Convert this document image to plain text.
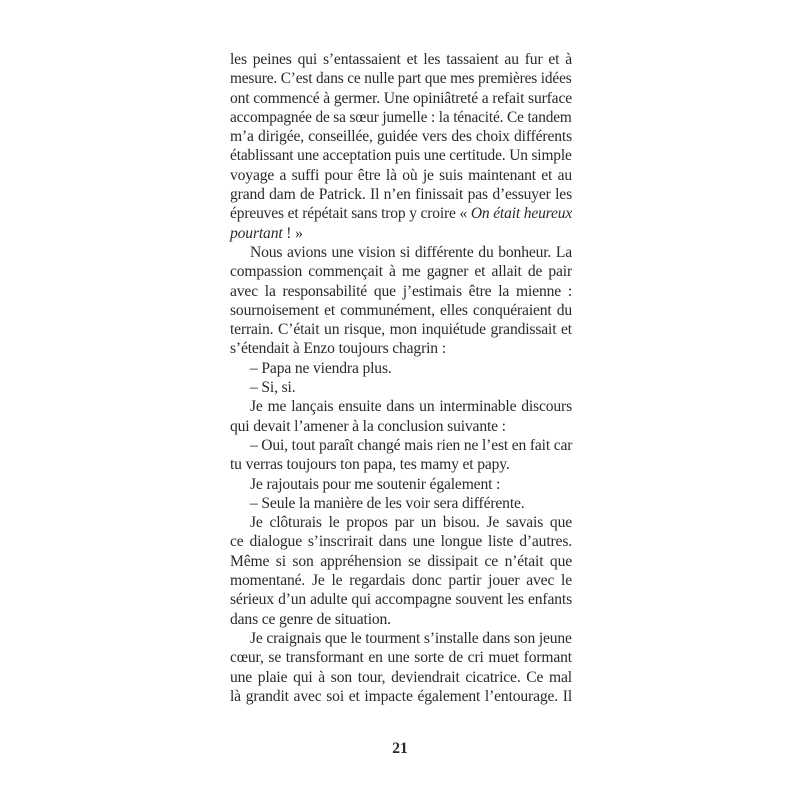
les peines qui s’entassaient et les tassaient au fur et à
mesure. C’est dans ce nulle part que mes premières idées
ont commencé à germer. Une opiniâtreté a refait surface
accompagnée de sa sœur jumelle : la ténacité. Ce tandem
m’a dirigée, conseillée, guidée vers des choix différents
établissant une acceptation puis une certitude. Un simple
voyage a suffi pour être là où je suis maintenant et au
grand dam de Patrick. Il n’en finissait pas d’essuyer les
épreuves et répétait sans trop y croire « On était heureux
pourtant ! »
Nous avions une vision si différente du bonheur. La
compassion commençait à me gagner et allait de pair
avec la responsabilité que j’estimais être la mienne :
sournoisement et communément, elles conquéraient du
terrain. C’était un risque, mon inquiétude grandissait et
s’étendait à Enzo toujours chagrin :
– Papa ne viendra plus.
– Si, si.
Je me lançais ensuite dans un interminable discours
qui devait l’amener à la conclusion suivante :
– Oui, tout paraît changé mais rien ne l’est en fait car
tu verras toujours ton papa, tes mamy et papy.
Je rajoutais pour me soutenir également :
– Seule la manière de les voir sera différente.
Je clôturais le propos par un bisou. Je savais que
ce dialogue s’inscrirait dans une longue liste d’autres.
Même si son appréhension se dissipait ce n’était que
momentané. Je le regardais donc partir jouer avec le
sérieux d’un adulte qui accompagne souvent les enfants
dans ce genre de situation.
Je craignais que le tourment s’installe dans son jeune
cœur, se transformant en une sorte de cri muet formant
une plaie qui à son tour, deviendrait cicatrice. Ce mal
là grandit avec soi et impacte également l’entourage. Il
21
